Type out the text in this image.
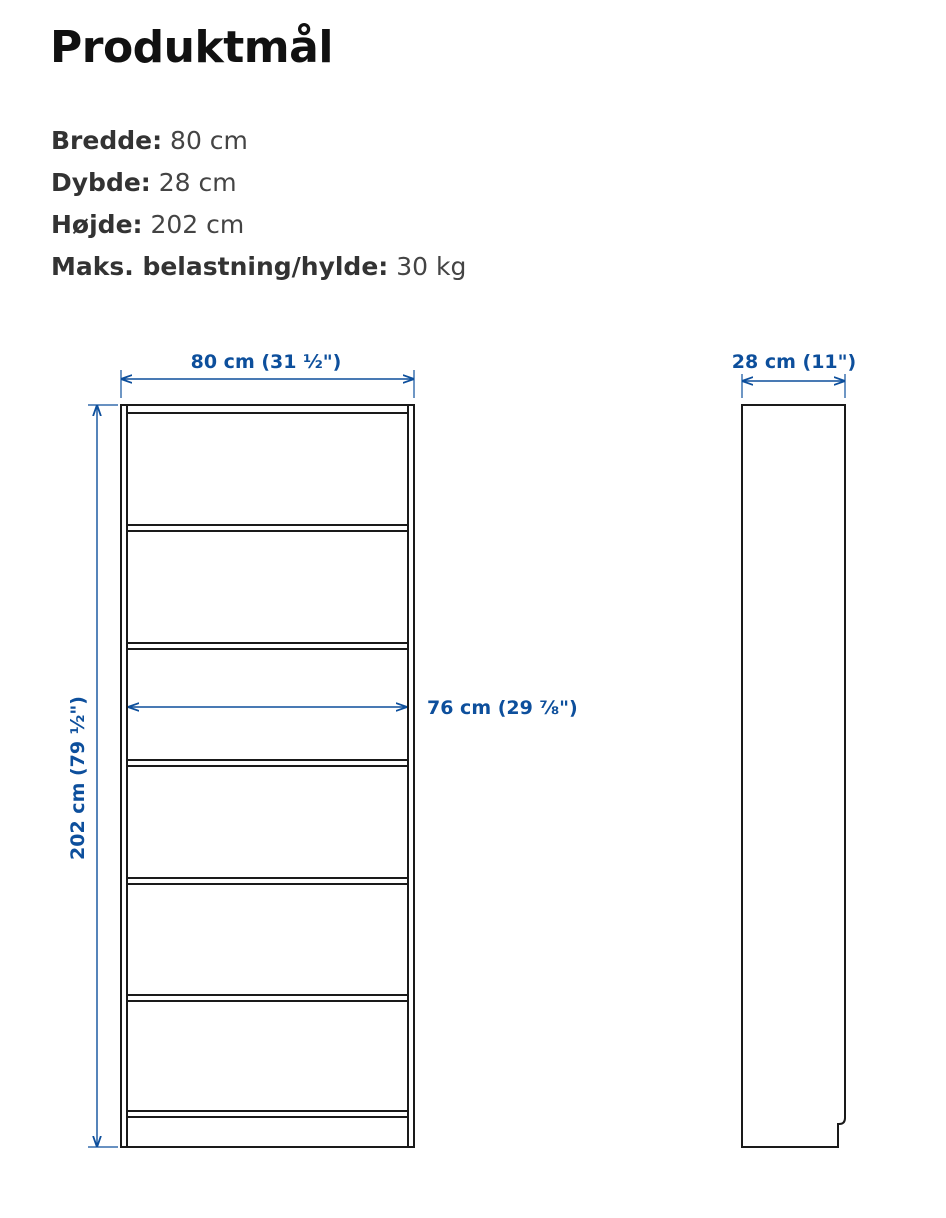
Produktmål
Bredde: 80 cm
Dybde: 28 cm
Højde: 202 cm
Maks. belastning/hylde: 30 kg
80 cm (31 ½")
202 cm (79 ½")	76 cm (29 ⅞")
28 cm (11")
